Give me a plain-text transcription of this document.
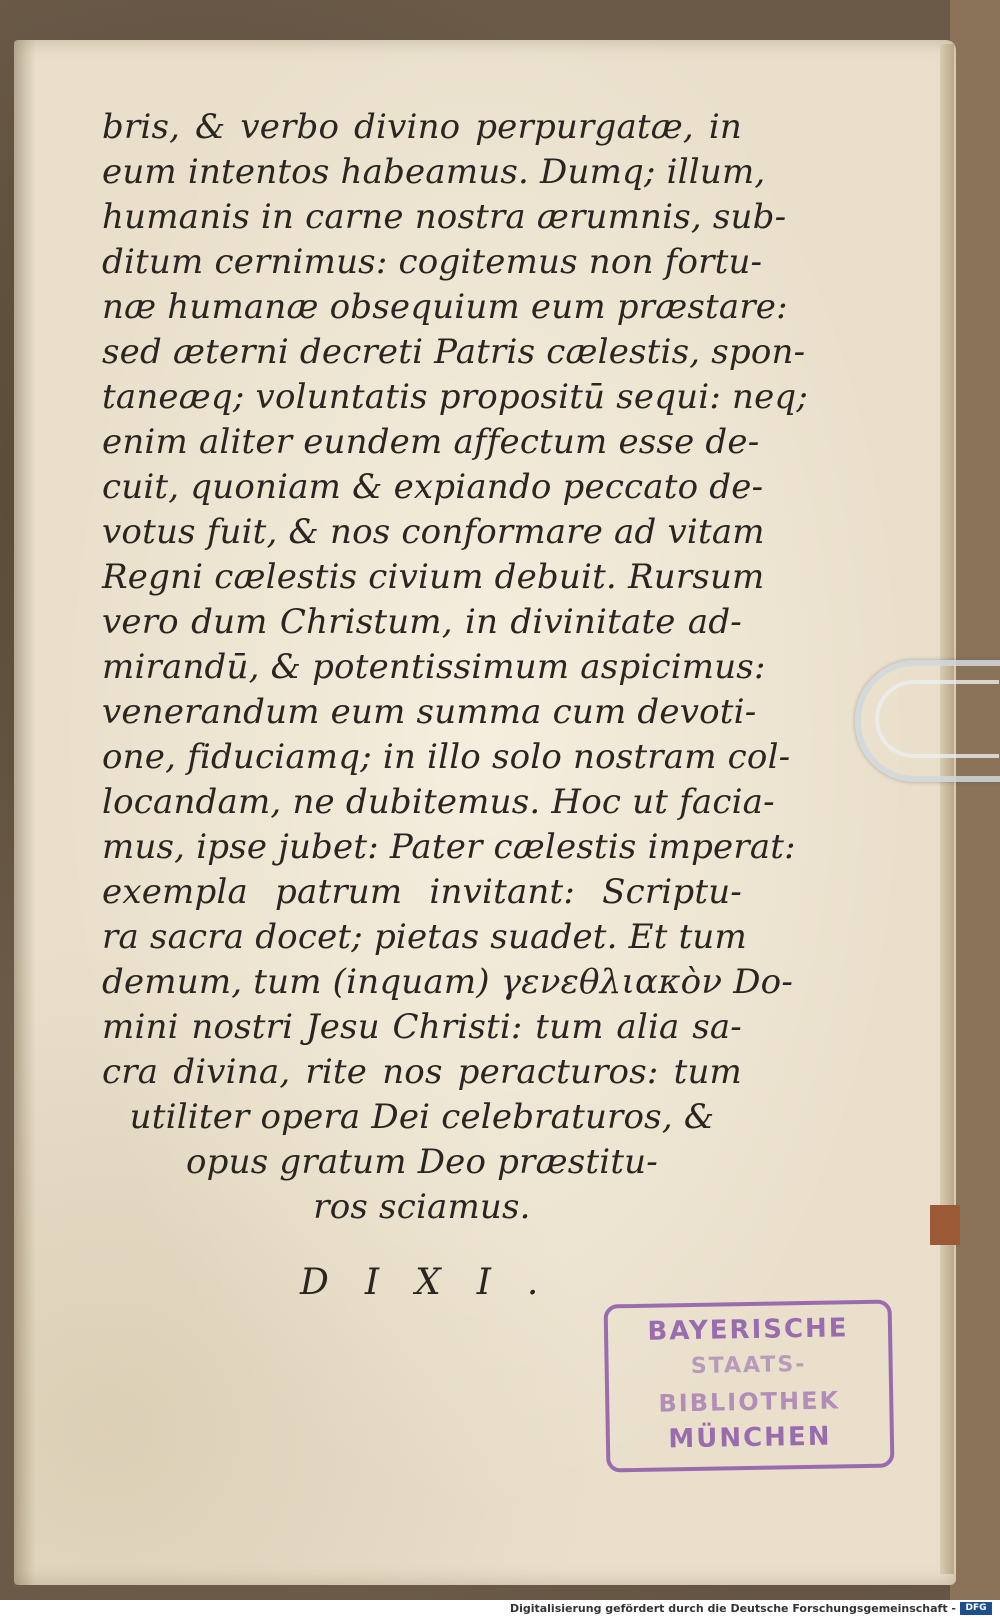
bris, & verbo divino perpurgatæ, in
eum intentos habeamus. Dumq; illum,
humanis in carne nostra ærumnis, sub-
ditum cernimus: cogitemus non fortu-
næ humanæ obsequium eum præstare:
sed æterni decreti Patris cælestis, spon-
taneæq; voluntatis propositū sequi: neq;
enim aliter eundem affectum esse de-
cuit, quoniam & expiando peccato de-
votus fuit, & nos conformare ad vitam
Regni cælestis civium debuit. Rursum
vero dum Christum, in divinitate ad-
mirandū, & potentissimum aspicimus:
venerandum eum summa cum devoti-
one, fiduciamq; in illo solo nostram col-
locandam, ne dubitemus. Hoc ut facia-
mus, ipse jubet: Pater cælestis imperat:
exempla patrum invitant: Scriptu-
ra sacra docet; pietas suadet. Et tum
demum, tum (inquam) γενεθλιακὸν Do-
mini nostri Jesu Christi: tum alia sa-
cra divina, rite nos peracturos: tum
utiliter opera Dei celebraturos, &
opus gratum Deo præstitu-
ros sciamus.
DIXI.
BAYERISCHE
STAATS-
BIBLIOTHEK
MÜNCHEN
Digitalisierung gefördert durch die Deutsche Forschungsgemeinschaft -	DFG
